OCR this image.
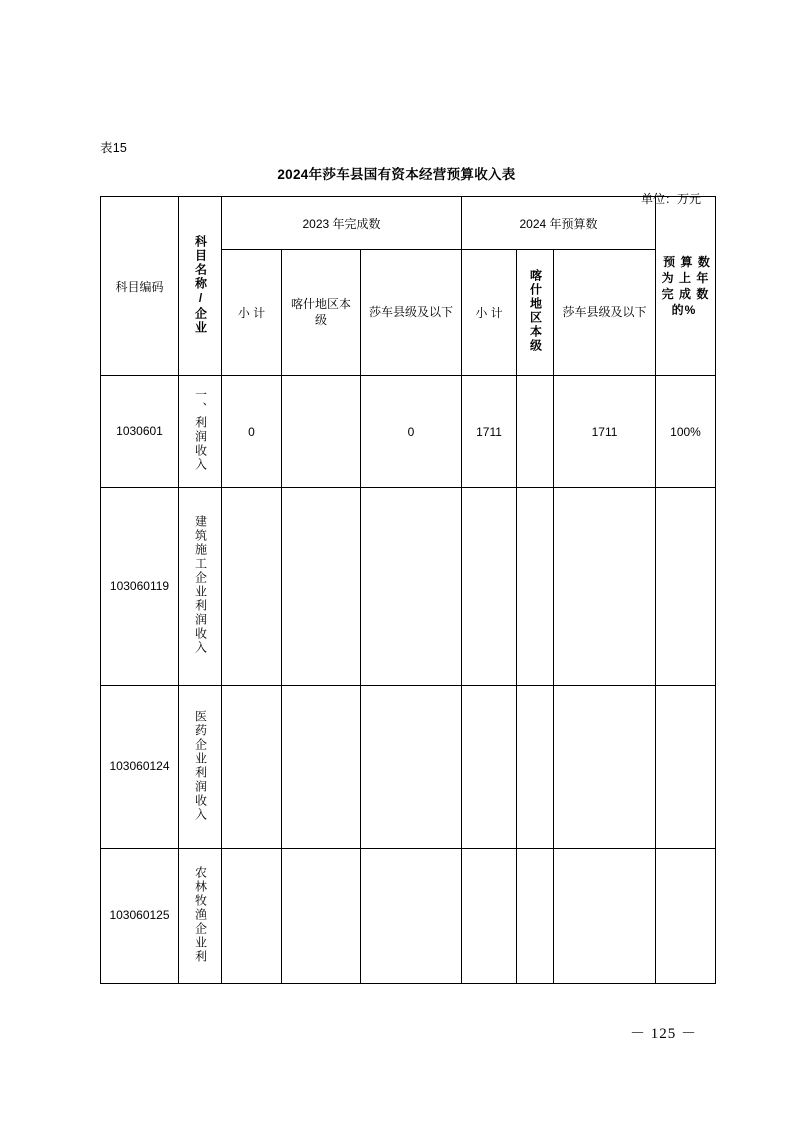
表15
2024年莎车县国有资本经营预算收入表
单位：万元
科目编码	科目名称/企业	2023 年完成数			2024 年预算数			预 算 数 为 上 年 完 成 数 的%
		小 计	喀什地区本级	莎车县级及以下	小 计	喀什地区本级	莎车县级及以下	

1030601	一、利润收入	0		0	1711		1711	100%
103060119	建筑施工企业利润收入							
103060124	医药企业利润收入							
103060125	农林牧渔企业利							
－ 125 －
